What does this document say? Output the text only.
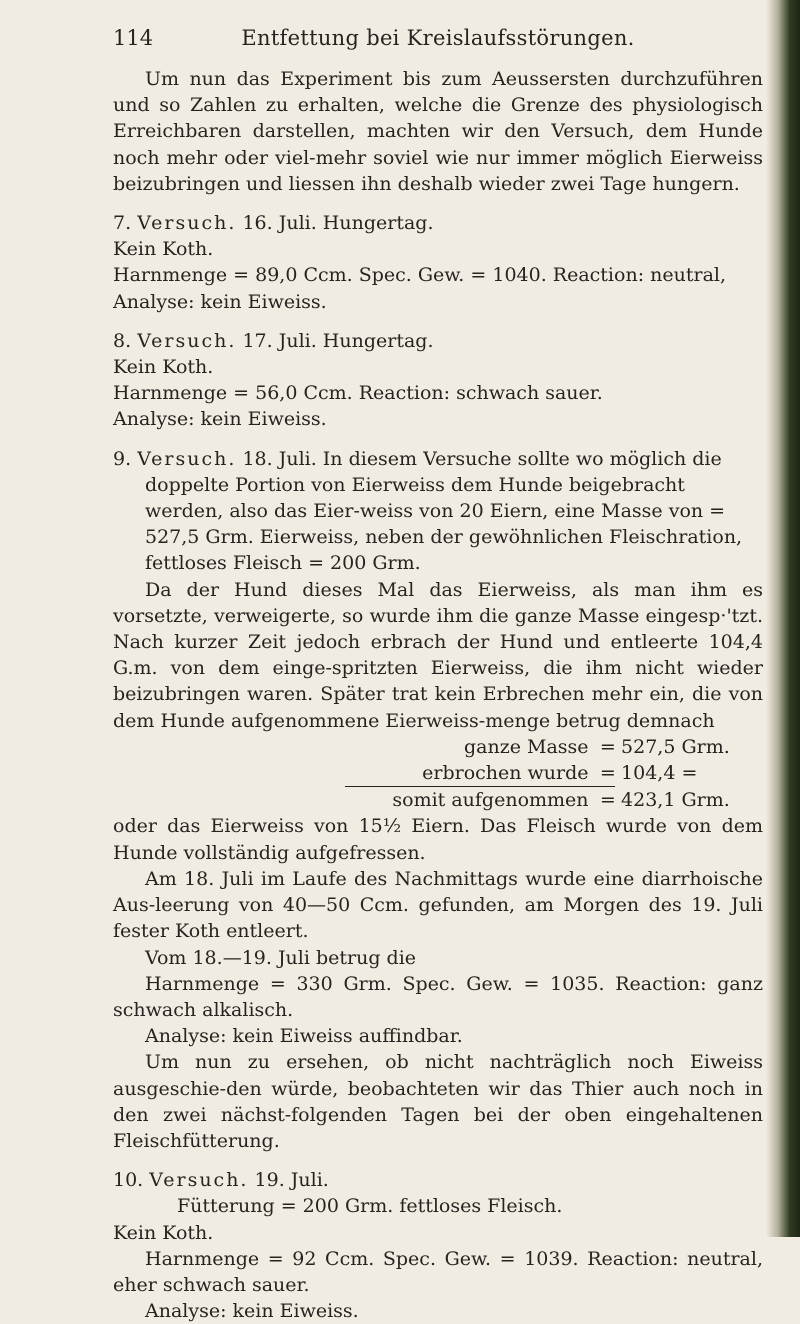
114	Entfettung bei Kreislaufsstörungen.
Um nun das Experiment bis zum Aeussersten durchzuführen und so Zahlen zu erhalten, welche die Grenze des physiologisch Erreichbaren darstellen, machten wir den Versuch, dem Hunde noch mehr oder viel-mehr soviel wie nur immer möglich Eierweiss beizubringen und liessen ihn deshalb wieder zwei Tage hungern.
7. Versuch. 16. Juli. Hungertag.
Kein Koth.
Harnmenge = 89,0 Ccm. Spec. Gew. = 1040. Reaction: neutral,
Analyse: kein Eiweiss.
8. Versuch. 17. Juli. Hungertag.
Kein Koth.
Harnmenge = 56,0 Ccm. Reaction: schwach sauer.
Analyse: kein Eiweiss.
9. Versuch. 18. Juli. In diesem Versuche sollte wo möglich die doppelte Portion von Eierweiss dem Hunde beigebracht werden, also das Eier-weiss von 20 Eiern, eine Masse von = 527,5 Grm. Eierweiss, neben der gewöhnlichen Fleischration, fettloses Fleisch = 200 Grm.
Da der Hund dieses Mal das Eierweiss, als man ihm es vorsetzte, verweigerte, so wurde ihm die ganze Masse eingesp·'tzt. Nach kurzer Zeit jedoch erbrach der Hund und entleerte 104,4 G.m. von dem einge-spritzten Eierweiss, die ihm nicht wieder beizubringen waren. Später trat kein Erbrechen mehr ein, die von dem Hunde aufgenommene Eierweiss-menge betrug demnach
ganze Masse = 527,5 Grm.
erbrochen wurde = 104,4 =
somit aufgenommen = 423,1 Grm.
oder das Eierweiss von 15½ Eiern. Das Fleisch wurde von dem Hunde vollständig aufgefressen.
Am 18. Juli im Laufe des Nachmittags wurde eine diarrhoische Aus-leerung von 40—50 Ccm. gefunden, am Morgen des 19. Juli fester Koth entleert.
Vom 18.—19. Juli betrug die
Harnmenge = 330 Grm. Spec. Gew. = 1035. Reaction: ganz schwach alkalisch.
Analyse: kein Eiweiss auffindbar.
Um nun zu ersehen, ob nicht nachträglich noch Eiweiss ausgeschie-den würde, beobachteten wir das Thier auch noch in den zwei nächst-folgenden Tagen bei der oben eingehaltenen Fleischfütterung.
10. Versuch. 19. Juli.
Fütterung = 200 Grm. fettloses Fleisch.
Kein Koth.
Harnmenge = 92 Ccm. Spec. Gew. = 1039. Reaction: neutral, eher schwach sauer.
Analyse: kein Eiweiss.
